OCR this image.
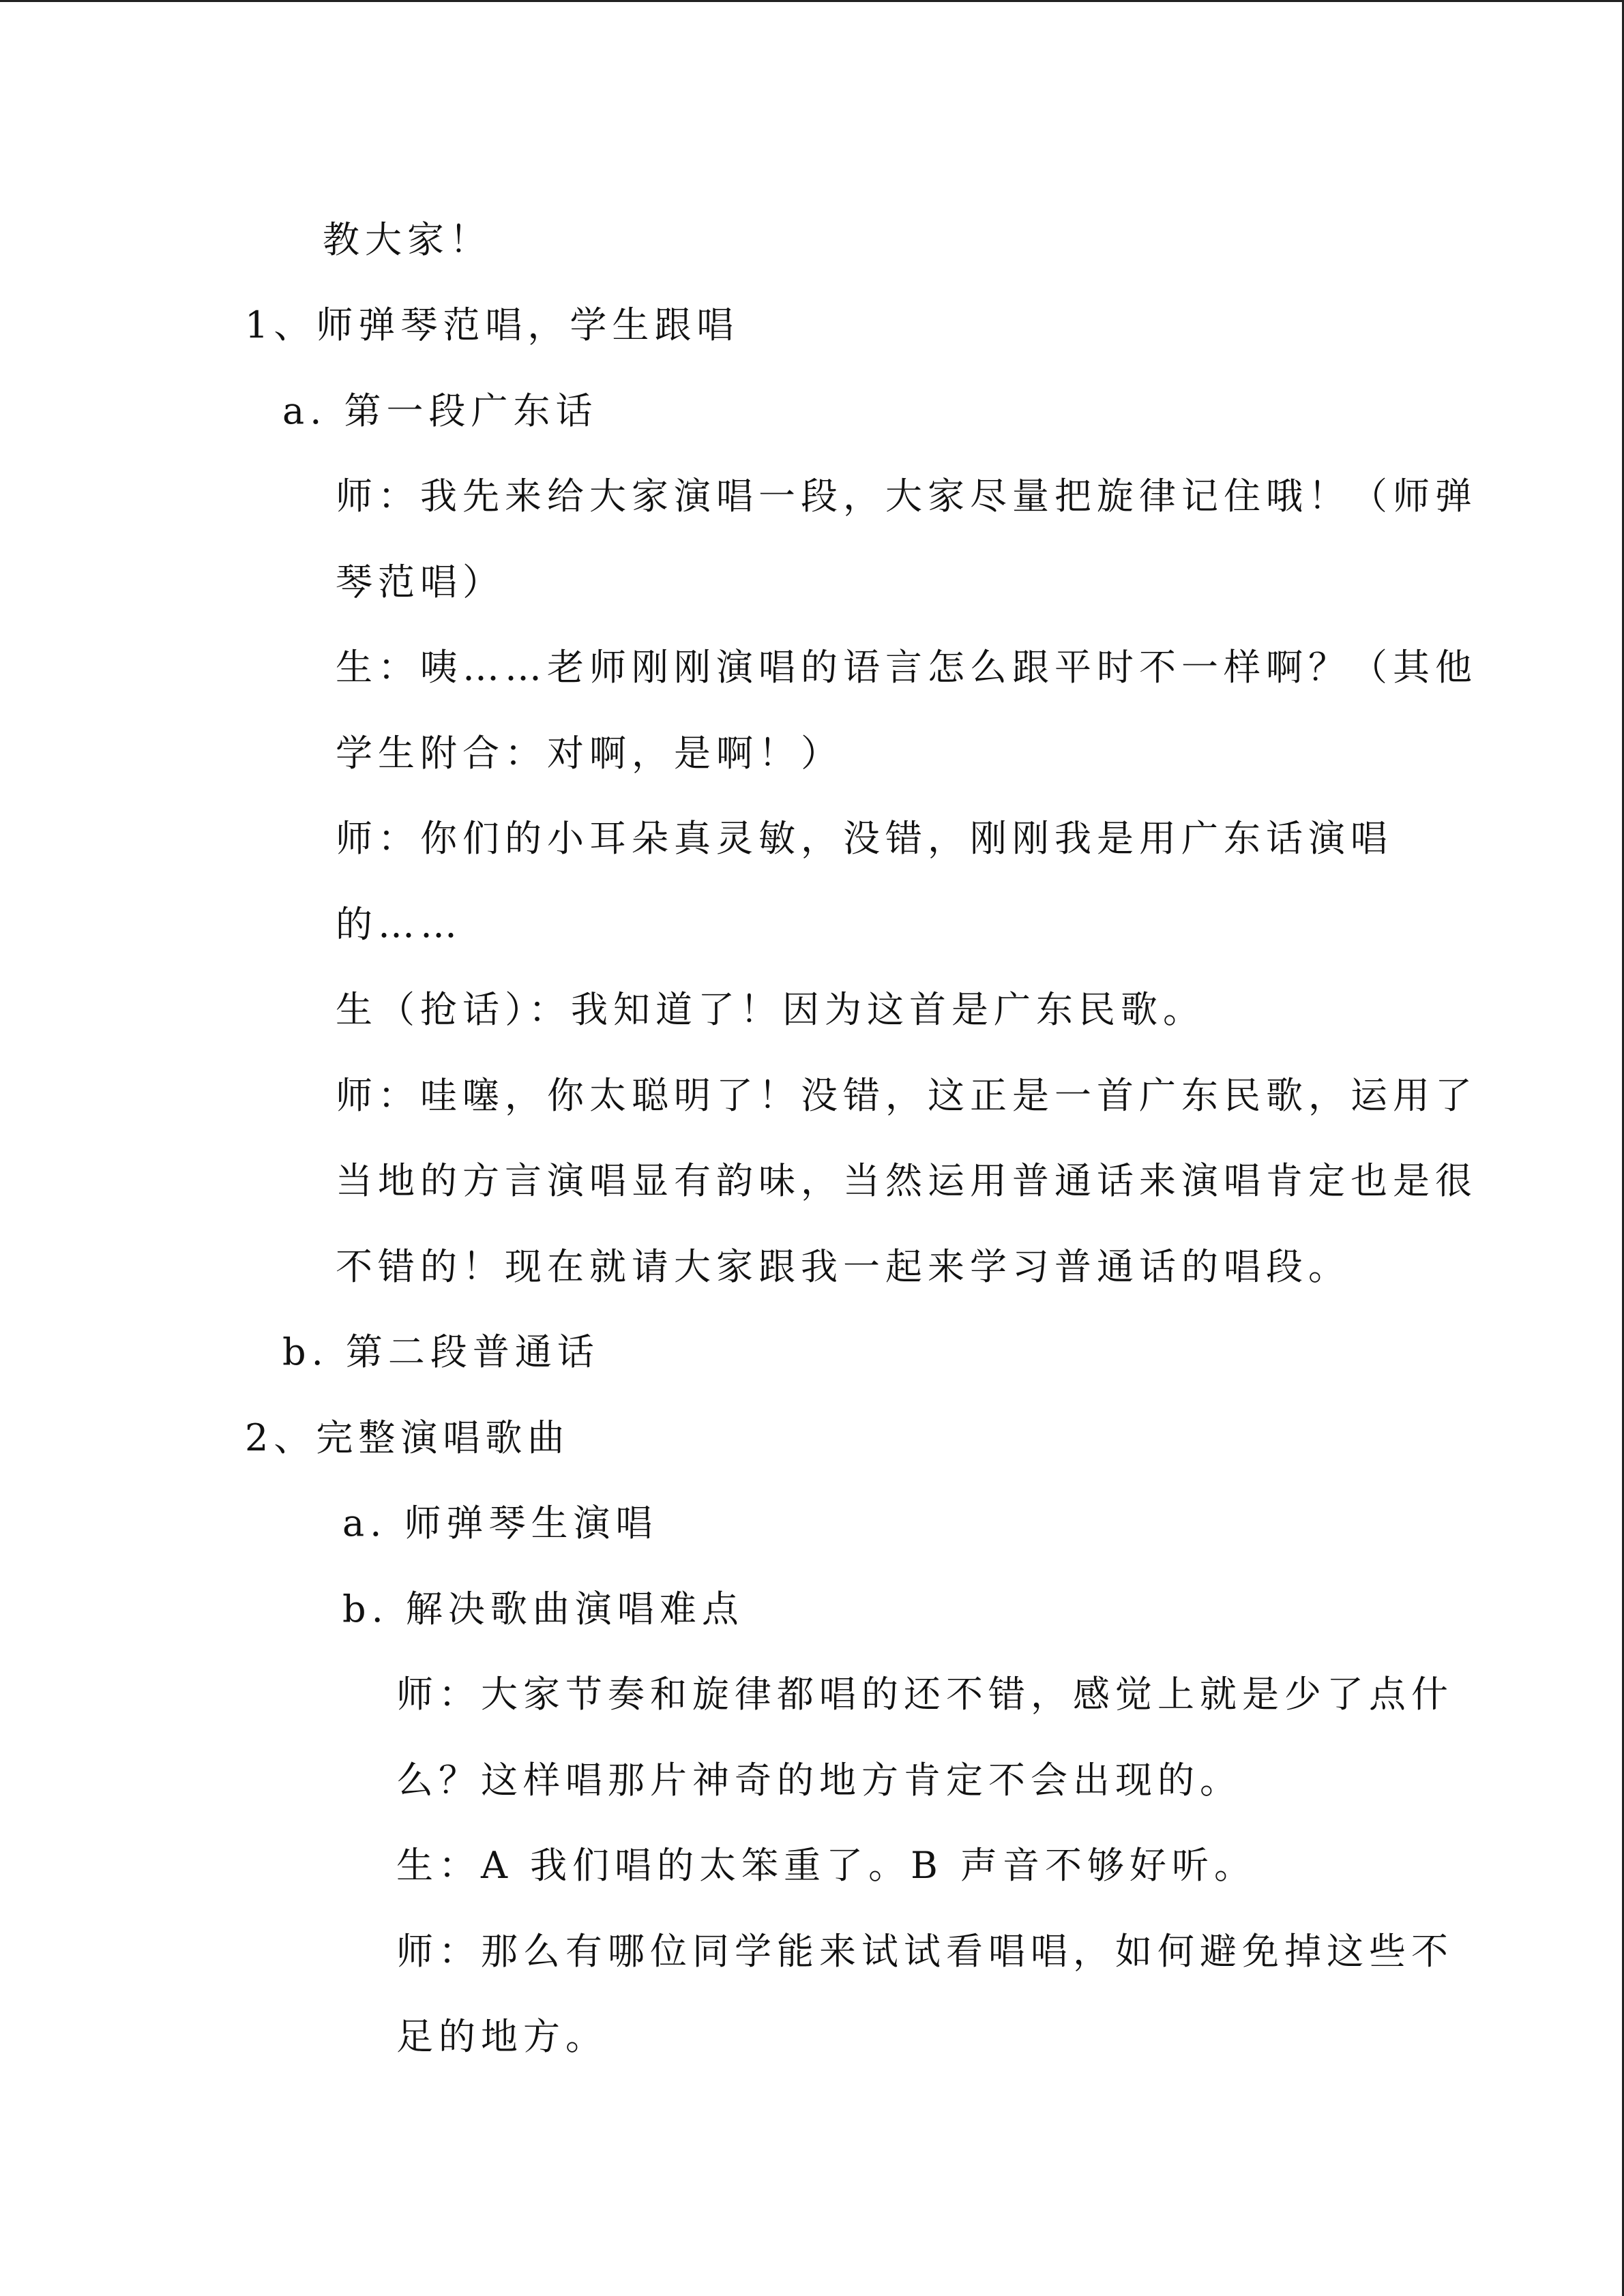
教大家！
1、师弹琴范唱，学生跟唱
a. 第一段广东话
师：我先来给大家演唱一段，大家尽量把旋律记住哦！（师弹
琴范唱）
生：咦……老师刚刚演唱的语言怎么跟平时不一样啊？（其他
学生附合：对啊，是啊！）
师：你们的小耳朵真灵敏，没错，刚刚我是用广东话演唱
的……
生（抢话）：我知道了！因为这首是广东民歌。
师：哇噻，你太聪明了！没错，这正是一首广东民歌，运用了
当地的方言演唱显有韵味，当然运用普通话来演唱肯定也是很
不错的！现在就请大家跟我一起来学习普通话的唱段。
b. 第二段普通话
2、完整演唱歌曲
a. 师弹琴生演唱
b. 解决歌曲演唱难点
师：大家节奏和旋律都唱的还不错，感觉上就是少了点什
么？这样唱那片神奇的地方肯定不会出现的。
生：A 我们唱的太笨重了。B 声音不够好听。
师：那么有哪位同学能来试试看唱唱，如何避免掉这些不
足的地方。
